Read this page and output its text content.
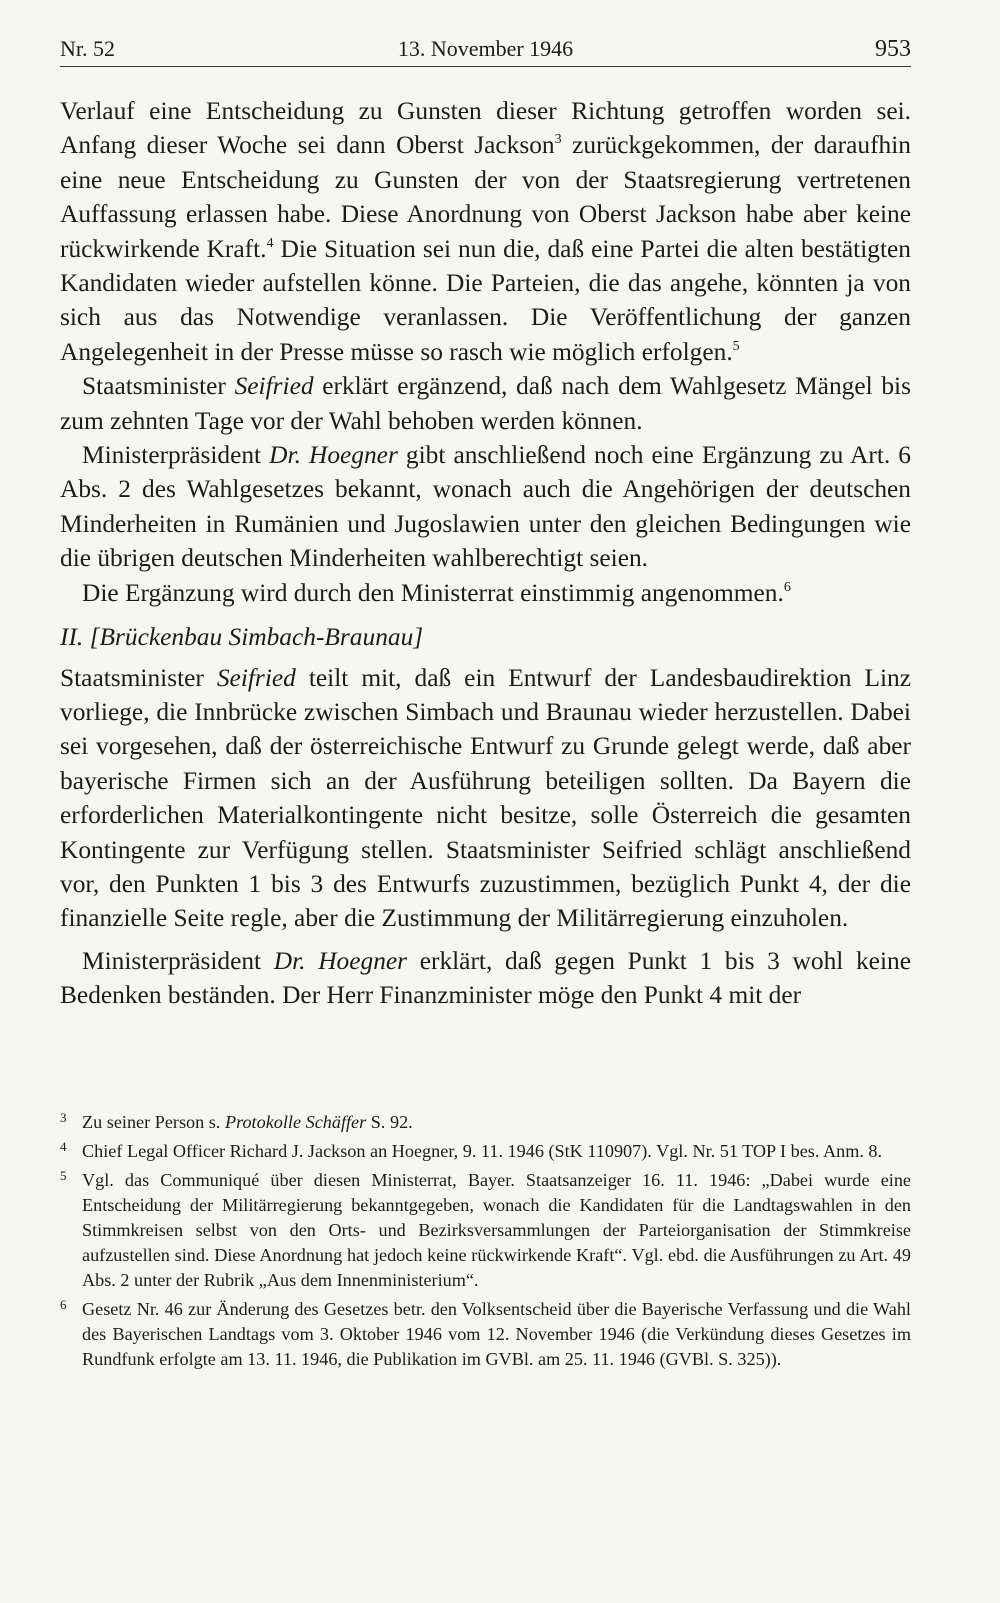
Nr. 52	13. November 1946	953

Verlauf eine Entscheidung zu Gunsten dieser Richtung getroffen worden sei. Anfang dieser Woche sei dann Oberst Jackson$^3$ zurückgekommen, der daraufhin eine neue Entscheidung zu Gunsten der von der Staatsregierung vertretenen Auffassung erlassen habe. Diese Anordnung von Oberst Jackson habe aber keine rückwirkende Kraft.$^4$ Die Situation sei nun die, daß eine Partei die alten bestätigten Kandidaten wieder aufstellen könne. Die Parteien, die das angehe, könnten ja von sich aus das Notwendige veranlassen. Die Veröffentlichung der ganzen Angelegenheit in der Presse müsse so rasch wie möglich erfolgen.$^5$

Staatsminister Seifried erklärt ergänzend, daß nach dem Wahlgesetz Mängel bis zum zehnten Tage vor der Wahl behoben werden können.

Ministerpräsident Dr. Hoegner gibt anschließend noch eine Ergänzung zu Art. 6 Abs. 2 des Wahlgesetzes bekannt, wonach auch die Angehörigen der deutschen Minderheiten in Rumänien und Jugoslawien unter den gleichen Bedingungen wie die übrigen deutschen Minderheiten wahlberechtigt seien.

Die Ergänzung wird durch den Ministerrat einstimmig angenommen.$^6$

II. [Brückenbau Simbach-Braunau]

Staatsminister Seifried teilt mit, daß ein Entwurf der Landesbaudirektion Linz vorliege, die Innbrücke zwischen Simbach und Braunau wieder herzustellen. Dabei sei vorgesehen, daß der österreichische Entwurf zu Grunde gelegt werde, daß aber bayerische Firmen sich an der Ausführung beteiligen sollten. Da Bayern die erforderlichen Materialkontingente nicht besitze, solle Österreich die gesamten Kontingente zur Verfügung stellen. Staatsminister Seifried schlägt anschließend vor, den Punkten 1 bis 3 des Entwurfs zuzustimmen, bezüglich Punkt 4, der die finanzielle Seite regle, aber die Zustimmung der Militärregierung einzuholen.

Ministerpräsident Dr. Hoegner erklärt, daß gegen Punkt 1 bis 3 wohl keine Bedenken beständen. Der Herr Finanzminister möge den Punkt 4 mit der

3 Zu seiner Person s. Protokolle Schäffer S. 92.
4 Chief Legal Officer Richard J. Jackson an Hoegner, 9. 11. 1946 (StK 110907). Vgl. Nr. 51 TOP I bes. Anm. 8.
5 Vgl. das Communiqué über diesen Ministerrat, Bayer. Staatsanzeiger 16. 11. 1946: „Dabei wurde eine Entscheidung der Militärregierung bekanntgegeben, wonach die Kandidaten für die Landtagswahlen in den Stimmkreisen selbst von den Orts- und Bezirksversammlungen der Parteiorganisation der Stimmkreise aufzustellen sind. Diese Anordnung hat jedoch keine rückwirkende Kraft“. Vgl. ebd. die Ausführungen zu Art. 49 Abs. 2 unter der Rubrik „Aus dem Innenministerium“.
6 Gesetz Nr. 46 zur Änderung des Gesetzes betr. den Volksentscheid über die Bayerische Verfassung und die Wahl des Bayerischen Landtags vom 3. Oktober 1946 vom 12. November 1946 (die Verkündung dieses Gesetzes im Rundfunk erfolgte am 13. 11. 1946, die Publikation im GVBl. am 25. 11. 1946 (GVBl. S. 325)).
